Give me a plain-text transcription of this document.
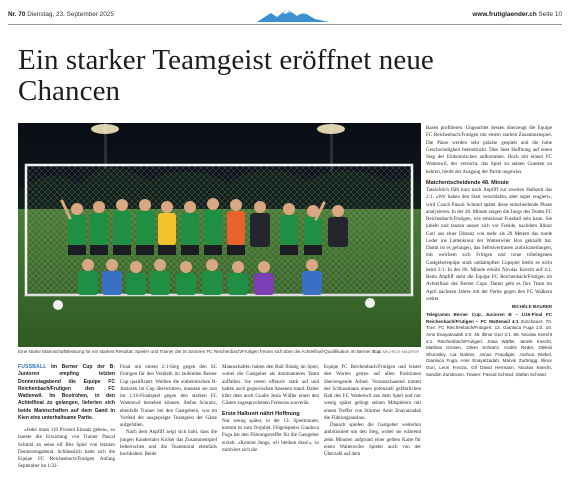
Nr. 70 Dienstag, 23. September 2025	www.frutiglaender.ch Seite 10
Ein starker Teamgeist eröffnet neue Chancen
Eine starke Mannschaftsleistung für ein starkes Resultat: Spieler und Trainer der B-Junioren FC Reichenbach/Frutigen freuen sich über die Achtelfinal-Qualifikation im Berner Cup.
BILD MICHELE MAURER

Rasen profitieren. Ungeachtet dessen überzeugt die Equipe FC Reichenbach/Frutigen mit einem starken Zusammenspiel. Die Pässe werden sehr präzise gespielt und die hohe Geschwindigkeit beeindruckt. Dies lässt Hoffnung auf einen Sieg der Einheimischen aufkommen. Doch mit einem FC Wattenwil, der versucht, das Spiel zu seinen Gunsten zu kehren, bleibt der Ausgang der Partie ungewiss.

Matchentscheidende 48. Minute

Tatsächlich fällt kurz nach Anpfiff zur zweiten Halbzeit das 2:1. «Wir haben den Start verschlafen, aber super reagiert», wird Coach Pascal Schmid später diese entscheidende Phase analysieren. In der 48. Minute zeigen die Jungs des Teams FC Reichenbach/Frutigen, wie emotional Fussball sein kann. Sie jubeln und tanzen ausser sich vor Freude, nachdem Illinor Guri aus einer Distanz von mehr als 20 Metern das runde Leder ins Lattenkreuz der Wattenwiler Box geknallt hat. Damit ist es gelungen, das Selbstvertrauen zurückzuerlangen, mit welchem sich Fritigen und treue tribelegenen Gastgeberequipe stark umkämpften Cupspiel bleibt es nicht beim 3:1. In der 86. Minute erhöht Nicolas Knecht auf 4:1. Beim Abpfiff steht die Equipe FC Reichenbach/Frutigen im Achtelfinal des Berner Cups. Damit geht es fürs Team im April nächsten Jahres mit der Partie gegen den FC Walkern weiter.

MICHÈLE MAURER

Telegramm Berner Cup, Junioren B – 1/16-Final FC Reichenbach/Frutigen – FC Wattenwil 4:1 Zuschauer: 70. Tore: FC Reichenbach/Frutigen: 13. Gianluca Fuga 1:0. 16. Amir Enayatzadah 2:0. 48. Illinor Guri 3:1. 86. Nicolas Knecht 4:1. Reichenbach/Frutigen: Josia Wäfler, Jannik Knecht, Mathias Grosen, Oliver Schranz, Andris Reder, Oleksii Shumskiy, Lia Balmer, Jonas Fraudiger, Joshua Riebel, Gianluca Fuga, Amir Enayatzadah, Marvin Zurbrügg, Illinor Guri, Leon Frezza, Gil David Hermann, Nicolas Knecht, Sandrin Zumbrunn. Trainer: Pascal Schmid, Stefan Schranz

FUSSBALL Im Berner Cup der B-Junioren empfing letzten Donnerstagabend die Equipe FC Reichenbach/Frutigen den FC Wattenwil. Im Bostrohen, in den Achtelfinal zu gelangen, lieferten sich beide Mannschaften auf dem Gand in Kien eine unterhaltsame Partie.

«Jeder muss 110 Prozent Einsatz geben», so lautete die Erwartung von Trainer Pascal Schmid an seine elf Bits Spiel von letztem Donnerstagabend. Schliesslich haite sich die Equipe FC Reichenbach/Frutigen Anfang September im 1/32-

Final mit einem 2:1-Sieg gegen den SC Frutigen für den Verbleib im laufenden Berner Cup qualifiziert. Wollten die einheimischen B-Junioren im Cup überwintern, mussten sie nun im 1/16-Finalspiel gegen den starken FC Wattenwil bestehen können. Stefan Schranz, ebenfalls Trainer bei den Gastgebern, war im Vorfeld der ausgeprägte Teamgeist der Gäste aufgefallen.

Nach dem Anpfiff zeigt sich bald, dass die jungen Kandertaler Kicker das Zusammenspiel beherrschen und die Teammoral ebenfalls hochhalten. Beide

Mannschaften halten den Ball flüssig im Spiel, wobei die Gastgeber als dominanteres Team auffallen. Sie treten offensiv stark auf und halten auch gegnerischen Ansenen stand. Daher klärt dem auch Goalie Josia Wäfler einen den Gästen zugesprochenen Freistoss souverän.

Erste Halbzeit nährt Hoffnung

Nur wenig später, in der 13. Spielminute, kommt es zum Torjubel. Flügelspieler Gianluca Fuga hat den Führungstreffer für die Gastgeber erzielt. «Kommt Jungs, wir bleiben dran!», so motiviert sich die

Equipe FC Reichenbach/Frutigen und leistet den Worten getreu auf allen Positionen überzeugende Arbeit. Vorausschauend nimmt der Schlussmann einen potenziell gefährlichen Ball des FC Wattenwil aus dem Spiel und nur wenig später gelingt seinen Mitspielern mit einem Treffer von Stürmer Amir Enayatzadah die Führungsausbau.

Danach spielen die Gastgeber weiterhin ambitioniert um den Sieg, wobei sie während zehn Minuten aufgrund einer gelben Karte für einen Wattenwiler Spieler auch von der Überzahl auf dem
